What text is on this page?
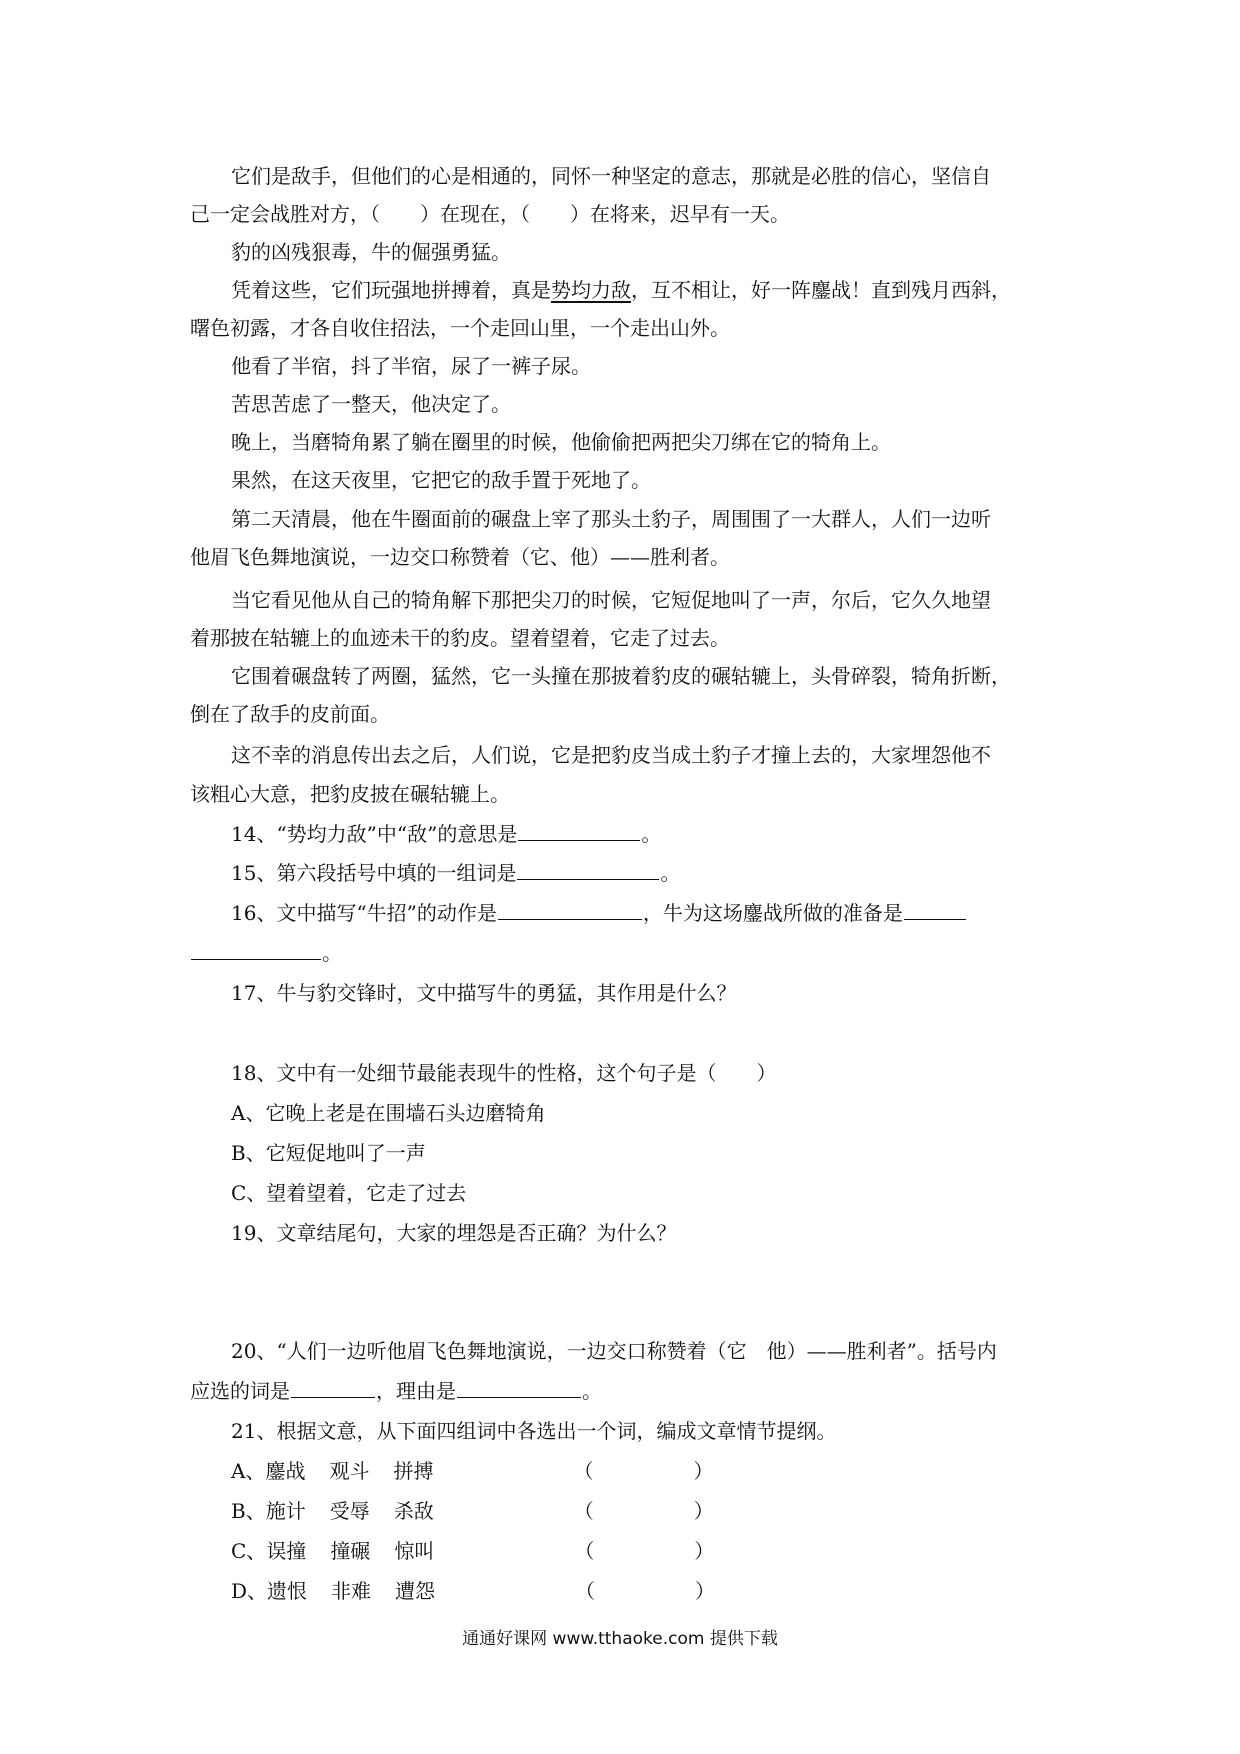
它们是敌手，但他们的心是相通的，同怀一种坚定的意志，那就是必胜的信心，坚信自
己一定会战胜对方，（　　）在现在，（　　）在将来，迟早有一天。
豹的凶残狠毒，牛的倔强勇猛。
凭着这些，它们玩强地拼搏着，真是势均力敌，互不相让，好一阵鏖战！直到残月西斜，
曙色初露，才各自收住招法，一个走回山里，一个走出山外。
他看了半宿，抖了半宿，尿了一裤子尿。
苦思苦虑了一整天，他决定了。
晚上，当磨犄角累了躺在圈里的时候，他偷偷把两把尖刀绑在它的犄角上。
果然，在这天夜里，它把它的敌手置于死地了。
第二天清晨，他在牛圈面前的碾盘上宰了那头土豹子，周围围了一大群人，人们一边听
他眉飞色舞地演说，一边交口称赞着（它、他）——胜利者。
当它看见他从自己的犄角解下那把尖刀的时候，它短促地叫了一声，尔后，它久久地望
着那披在轱辘上的血迹未干的豹皮。望着望着，它走了过去。
它围着碾盘转了两圈，猛然，它一头撞在那披着豹皮的碾轱辘上，头骨碎裂，犄角折断，
倒在了敌手的皮前面。
这不幸的消息传出去之后，人们说，它是把豹皮当成土豹子才撞上去的，大家埋怨他不
该粗心大意，把豹皮披在碾轱辘上。
14、“势均力敌”中“敌”的意思是	。
15、第六段括号中填的一组词是	。
16、文中描写“牛招”的动作是	，牛为这场鏖战所做的准备是
。
17、牛与豹交锋时，文中描写牛的勇猛，其作用是什么？
18、文中有一处细节最能表现牛的性格，这个句子是（　　）
A、它晚上老是在围墙石头边磨犄角
B、它短促地叫了一声
C、望着望着，它走了过去
19、文章结尾句，大家的埋怨是否正确？为什么？
20、“人们一边听他眉飞色舞地演说，一边交口称赞着（它　他）——胜利者”。括号内
应选的词是	，理由是	。
21、根据文意，从下面四组词中各选出一个词，编成文章情节提纲。
A、鏖战 观斗 拼搏	（　　　　　）
B、施计 受辱 杀敌	（　　　　　）
C、误撞 撞碾 惊叫	（　　　　　）
D、遗恨 非难 遭怨	（　　　　　）
通通好课网 www.tthaoke.com 提供下载
